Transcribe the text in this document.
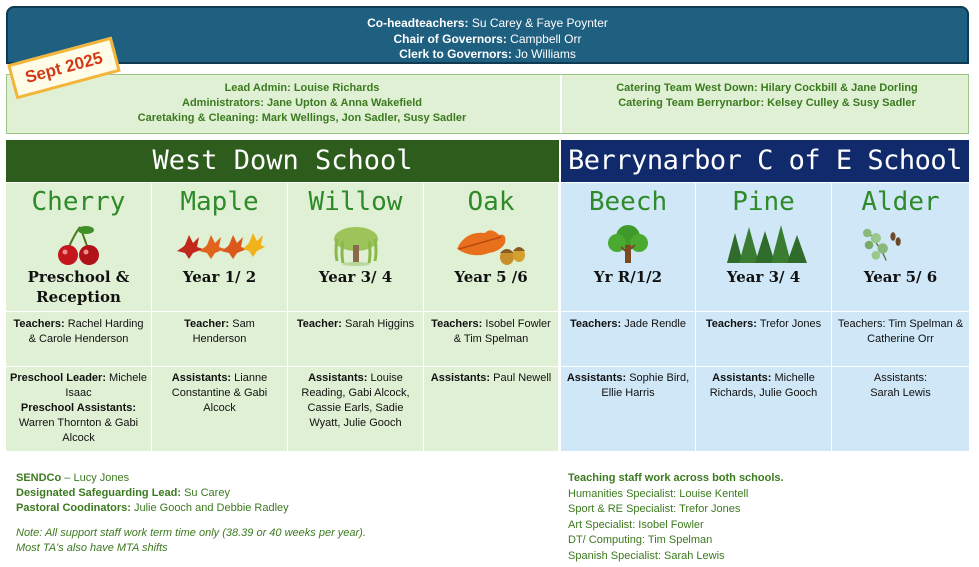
Co-headteachers: Su Carey & Faye Poynter
Chair of Governors: Campbell Orr
Clerk to Governors: Jo Williams
Sept 2025
Lead Admin: Louise Richards
Administrators: Jane Upton & Anna Wakefield
Caretaking & Cleaning: Mark Wellings, Jon Sadler, Susy Sadler
Catering Team West Down: Hilary Cockbill & Jane Dorling
Catering Team Berrynarbor: Kelsey Culley & Susy Sadler
West Down School	Berrynarbor C of E School
Cherry
Preschool & Reception
Teachers: Rachel Harding & Carole Henderson
Preschool Leader: Michele Isaac
Preschool Assistants: Warren Thornton & Gabi Alcock
Maple
Year 1/ 2
Teacher: Sam Henderson
Assistants: Lianne Constantine & Gabi Alcock
Willow
Year 3/ 4
Teacher: Sarah Higgins
Assistants: Louise Reading, Gabi Alcock, Cassie Earls, Sadie Wyatt, Julie Gooch
Oak
Year 5 /6
Teachers: Isobel Fowler & Tim Spelman
Assistants: Paul Newell
Beech
Yr R/1/2
Teachers: Jade Rendle
Assistants: Sophie Bird, Ellie Harris
Pine
Year 3/ 4
Teachers: Trefor Jones
Assistants: Michelle Richards, Julie Gooch
Alder
Year 5/ 6
Teachers: Tim Spelman & Catherine Orr
Assistants:
Sarah Lewis
SENDCo – Lucy Jones
Designated Safeguarding Lead: Su Carey
Pastoral Coodinators: Julie Gooch and Debbie Radley
Note: All support staff work term time only (38.39 or 40 weeks per year).
Most TA's also have MTA shifts
Teaching staff work across both schools.
Humanities Specialist: Louise Kentell
Sport & RE Specialist: Trefor Jones
Art Specialist: Isobel Fowler
DT/ Computing: Tim Spelman
Spanish Specialist: Sarah Lewis
